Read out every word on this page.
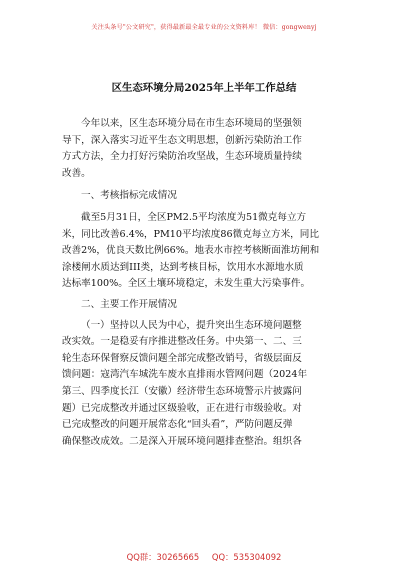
关注头条号"公文研究"，获得最新最全最专业的公文资料库！ 微信：gongwenyj
区生态环境分局2025年上半年工作总结
今年以来，区生态环境分局在市生态环境局的坚强领
导下，深入落实习近平生态文明思想，创新污染防治工作
方式方法，全力打好污染防治攻坚战，生态环境质量持续
改善。
一、考核指标完成情况
截至5月31日，全区PM2.5平均浓度为51微克每立方
米，同比改善6.4%，PM10平均浓度86微克每立方米，同比
改善2%，优良天数比例66%。地表水市控考核断面淮坊闸和
涂楼闸水质达到III类，达到考核目标，饮用水水源地水质
达标率100%。全区土壤环境稳定，未发生重大污染事件。
二、主要工作开展情况
（一）坚持以人民为中心，提升突出生态环境问题整
改实效。一是稳妥有序推进整改任务。中央第一、二、三
轮生态环保督察反馈问题全部完成整改销号，省级层面反
馈问题：寇湾汽车城洗车废水直排雨水管网问题（2024年
第三、四季度长江（安徽）经济带生态环境警示片披露问
题）已完成整改并通过区级验收，正在进行市级验收。对
已完成整改的问题开展常态化“回头看”，严防问题反弹
确保整改成效。二是深入开展环境问题排查整治。组织各
QQ群：30265665 QQ：535304092
